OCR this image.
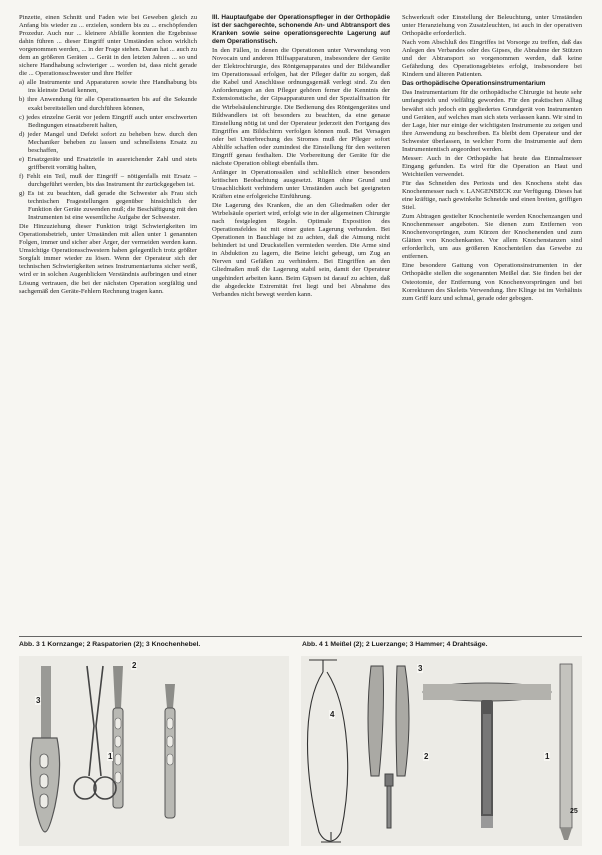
Pinzette, einen Schnitt und Faden wie bei Geweben gleich zu Anfang bis wieder zu ... erzielen, sondern bis zu ... erschöpfenden Prozedur. Auch nur ... kleinere Abfälle konnten die Ergebnisse dahin führen ... dieser Eingriff unter Umständen schon wirklich vorgenommen werden, ... in der Frage stehen. Daran hat ... auch zu dem an größeren Geräten ... Gerät in den letzten Jahren ... so und sichere Handhabung schwieriger ... worden ist, dass nicht gerade die ... Operationsschwester und ihre Helfer

a) alle Instrumente und Apparaturen sowie ihre Handhabung bis ins kleinste Detail kennen,
b) ihre Anwendung für alle Operationsarten bis auf die Sekunde exakt bereitstellen und durchführen können,
c) jedes einzelne Gerät vor jedem Eingriff auch unter erschwerten Bedingungen einsatzbereit halten,
d) jeder Mangel und Defekt sofort zu beheben bzw. durch den Mechaniker beheben zu lassen und schnellstens Ersatz zu beschaffen,
e) Ersatzgeräte und Ersatzteile in ausreichender Zahl und stets griffbereit vorrätig halten,
f) Fehlt ein Teil, muß der Eingriff – nötigenfalls mit Ersatz – durchgeführt werden, bis das Instrument ihr zurückgegeben ist.
g) Es ist zu beachten, daß gerade die Schwester als Frau sich technischen Fragestellungen gegenüber hinsichtlich der Funktion der Geräte zuwenden muß; die Beschäftigung mit den Instrumenten ist eine wesentliche Aufgabe der Schwester.

Die Hinzuziehung dieser Funktion trägt Schwierigkeiten im Operationsbetrieb, unter Umständen mit allen unter 1 genannten Folgen, immer und sicher aber Ärger, der vermeiden werden kann. Umsichtige Operationsschwestern haben gelegentlich trotz größter Sorgfalt immer wieder zu lösen. Wenn der Operateur sich der technischen Schwierigkeiten seines Instrumentariums sicher weiß, wird er in solchen Augenblicken Verständnis aufbringen und einer Lösung vertrauen, die bei der nächsten Operation sorgfältig und sachgemäß den Geräte-Fehlern Rechnung tragen kann.

III. Hauptaufgabe der Operationspfleger in der Orthopädie ist der sachgerechte, schonende An- und Abtransport des Kranken sowie seine operationsgerechte Lagerung auf dem Operationstisch.

In den Fällen, in denen die Operationen unter Verwendung von Novocain und anderen Hilfsapparaturen, insbesondere der Geräte der Elektrochirurgie, des Röntgenapparates und der Bildwandler im Operationssaal erfolgen, hat der Pfleger dafür zu sorgen, daß die Kabel und Anschlüsse ordnungsgemäß verlegt sind. Zu den Anforderungen an den Pfleger gehören ferner die Kenntnis der Extensionstische, der Gipsapparaturen und der Spezialfixation für die Wirbelsäulenchirurgie. Die Bedienung des Röntgengerätes und Bildwandlers ist oft besonders zu beachten, da eine genaue Einstellung nötig ist und der Operateur jederzeit den Fortgang des Eingriffes am Bildschirm verfolgen können muß. Bei Versagen oder bei Unterbrechung des Stromes muß der Pfleger sofort Abhilfe schaffen oder zumindest die Einstellung für den weiteren Eingriff genau festhalten. Die Vorbereitung der Geräte für die nächste Operation obliegt ebenfalls ihm.

Anfänger in Operationssälen sind schließlich einer besonders kritischen Beobachtung ausgesetzt. Rügen ohne Grund und Unsachlichkeit verhindern unter Umständen auch bei geeigneten Kräften eine erfolgreiche Einführung.

Die Lagerung des Kranken, die an den Gliedmaßen oder der Wirbelsäule operiert wird, erfolgt wie in der allgemeinen Chirurgie nach festgelegten Regeln. Optimale Exposition des Operationsfeldes ist mit einer guten Lagerung verbunden. Bei Operationen in Bauchlage ist zu achten, daß die Atmung nicht behindert ist und Druckstellen vermieden werden. Die Arme sind in Abduktion zu lagern, die Beine leicht gebeugt, um Zug an Nerven und Gefäßen zu verhindern. Bei Eingriffen an den Gliedmaßen muß die Lagerung stabil sein, damit der Operateur ungehindert arbeiten kann. Beim Gipsen ist darauf zu achten, daß die abgedeckte Extremität frei liegt und bei Abnahme des Verbandes nicht bewegt werden kann.

Schwerkraft oder Einstellung der Beleuchtung, unter Umständen unter Heranziehung von Zusatzleuchten, ist auch in der operativen Orthopädie erforderlich.

Nach vom Abschluß des Eingriffes ist Vorsorge zu treffen, daß das Anlegen des Verbandes oder des Gipses, die Abnahme der Stützen und der Abtransport so vorgenommen werden, daß keine Gefährdung des Operationsgebietes erfolgt, insbesondere bei Kindern und älteren Patienten.

Das orthopädische Operationsinstrumentarium

Das Instrumentarium für die orthopädische Chirurgie ist heute sehr umfangreich und vielfältig geworden. Für den praktischen Alltag bewährt sich jedoch ein gegliedertes Grundgerät von Instrumenten und Geräten, auf welches man sich stets verlassen kann. Wir sind in der Lage, hier nur einige der wichtigsten Instrumente zu zeigen und ihre Anwendung zu beschreiben. Es bleibt dem Operateur und der Schwester überlassen, in welcher Form die Instrumente auf dem Instrumententisch angeordnet werden.

Messer: Auch in der Orthopädie hat heute das Einmalmesser Eingang gefunden. Es wird für die Operation an Haut und Weichteilen verwendet.

Für das Schneiden des Periosts und des Knochens steht das Knochenmesser nach v. LANGENBECK zur Verfügung. Dieses hat eine kräftige, nach gewinkelte Schneide und einen breiten, griffigen Stiel.

Zum Abtragen gestielter Knochenteile werden Knochenzangen und Knochenmesser angeboten. Sie dienen zum Entfernen von Knochenvorsprüngen, zum Kürzen der Knochenenden und zum Glätten von Knochenkanten. Vor allem Knochenstanzen sind erforderlich, um aus größeren Knochenteilen das Gewebe zu entfernen.

Eine besondere Gattung von Operationsinstrumenten in der Orthopädie stellen die sogenannten Meißel dar. Sie finden bei der Osteotomie, der Entfernung von Knochenvorsprüngen und bei Korrekturen des Skeletts Verwendung. Ihre Klinge ist im Verhältnis zum Griff kurz und schmal, gerade oder gebogen.

Abb. 3 1 Kornzange; 2 Raspatorien (2); 3 Knochenhebel.	Abb. 4 1 Meißel (2); 2 Luerzange; 3 Hammer; 4 Drahtsäge.
3
2
1
4
2
3
1
25
